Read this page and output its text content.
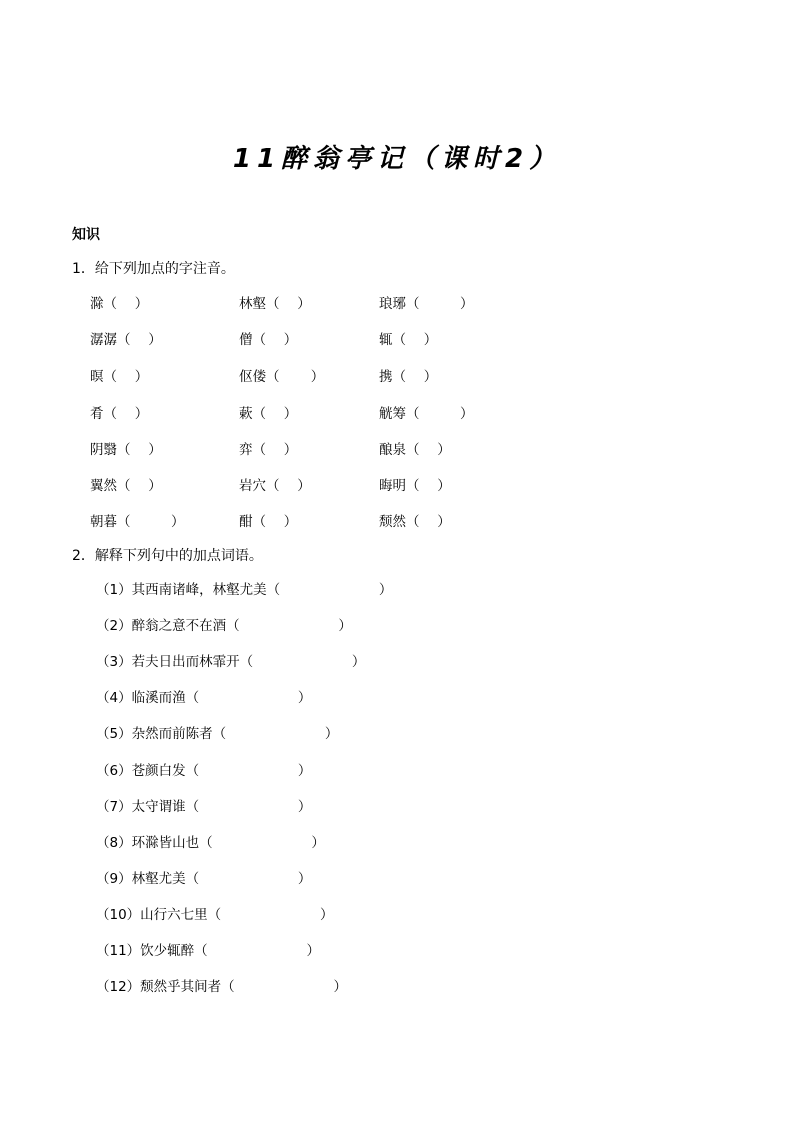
11醉翁亭记（课时2）
知识
1．给下列加点的字注音。
滁（　 ）	林壑（　 ）	琅琊（　　　）
潺潺（　 ）	僧（　 ）	辄（　 ）
暝（　 ）	伛偻（　　 ）	携（　 ）
肴（　 ）	蔌（　 ）	觥筹（　　　）
阴翳（　 ）	弈（　 ）	酿泉（　 ）
翼然（　 ）	岩穴（　 ）	晦明（　 ）
朝暮（　　　）	酣（　 ）	颓然（　 ）
2．解释下列句中的加点词语。
（1）其西南诸峰，林壑尤美（　　　　　　　 ）
（2）醉翁之意不在酒（　　　　　　　 ）
（3）若夫日出而林霏开（　　　　　　　 ）
（4）临溪而渔（　　　　　　　 ）
（5）杂然而前陈者（　　　　　　　 ）
（6）苍颜白发（　　　　　　　 ）
（7）太守谓谁（　　　　　　　 ）
（8）环滁皆山也（　　　　　　　 ）
（9）林壑尤美（　　　　　　　 ）
（10）山行六七里（　　　　　　　 ）
（11）饮少辄醉（　　　　　　　 ）
（12）颓然乎其间者（　　　　　　　 ）
